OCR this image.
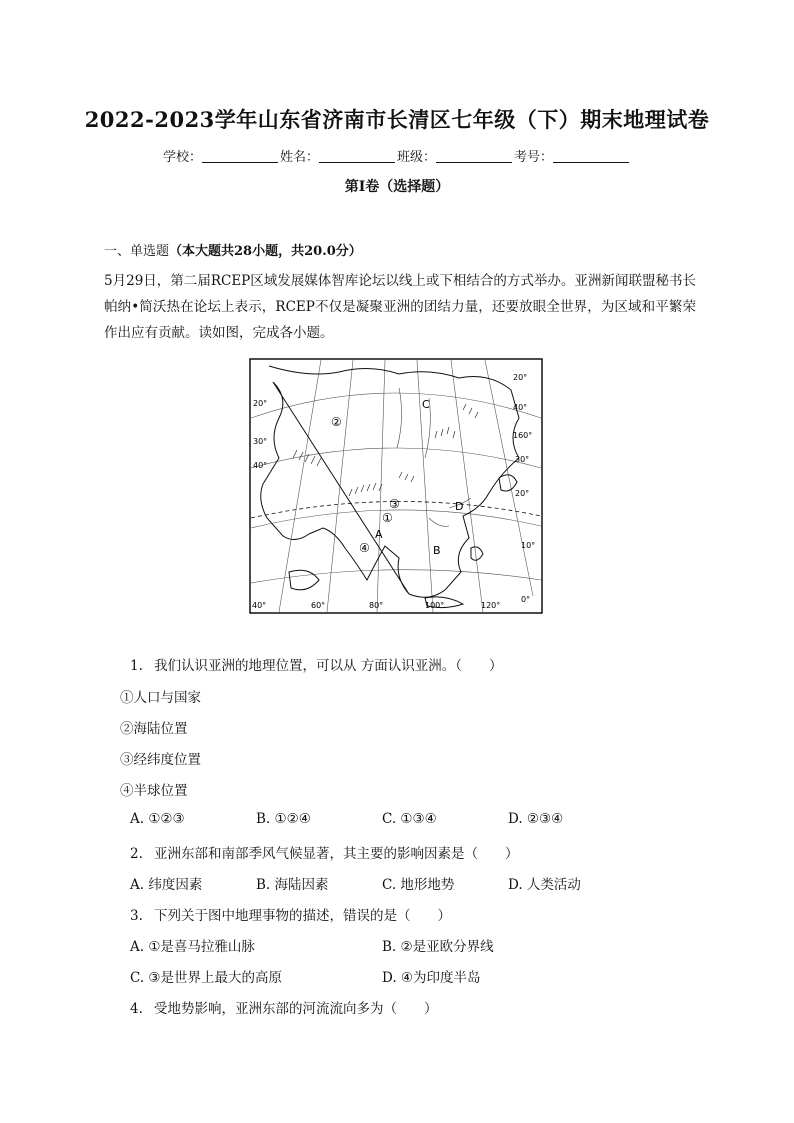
2022-2023学年山东省济南市长清区七年级（下）期末地理试卷
学校：	姓名：	班级：	考号：
第Ⅰ卷（选择题）
一、单选题（本大题共28小题，共20.0分）
5月29日，第二届RCEP区域发展媒体智库论坛以线上或下相结合的方式举办。亚洲新闻联盟秘书长帕纳•简沃热在论坛上表示，RCEP不仅是凝聚亚洲的团结力量，还要放眼全世界，为区域和平繁荣作出应有贡献。读如图，完成各小题。
20°
40°
30°
20°
10°
0°
30°
40°
20°
40°	60°	80°	100°	120°
160°
①
②
③
④
A
B
C
D
1. 我们认识亚洲的地理位置，可以从 方面认识亚洲。（　　）
①人口与国家
②海陆位置
③经纬度位置
④半球位置
A. ①②③	B. ①②④	C. ①③④	D. ②③④
2. 亚洲东部和南部季风气候显著，其主要的影响因素是（　　）
A. 纬度因素	B. 海陆因素	C. 地形地势	D. 人类活动
3. 下列关于图中地理事物的描述，错误的是（　　）
A. ①是喜马拉雅山脉	B. ②是亚欧分界线
C. ③是世界上最大的高原	D. ④为印度半岛
4. 受地势影响，亚洲东部的河流流向多为（　　）
